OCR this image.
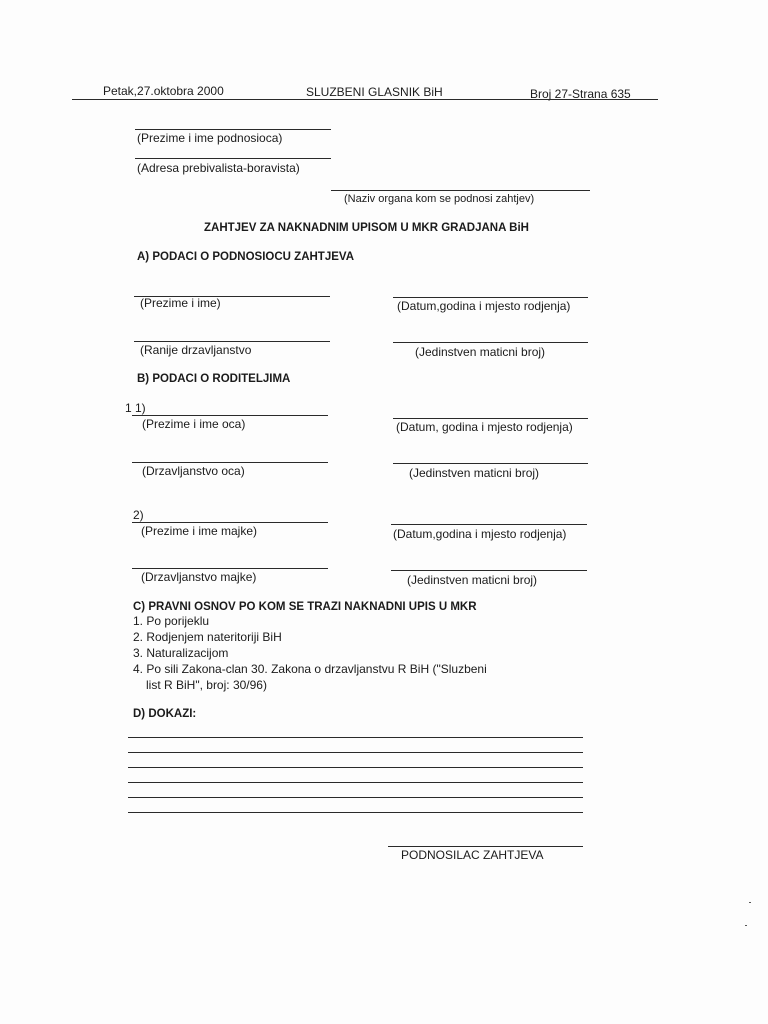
Petak,27.oktobra 2000	SLUZBENI GLASNIK BiH	Broj 27-Strana 635
(Prezime i ime podnosioca)
(Adresa prebivalista-boravista)
(Naziv organa kom se podnosi zahtjev)
ZAHTJEV ZA NAKNADNIM UPISOM U MKR GRADJANA BiH
A) PODACI O PODNOSIOCU ZAHTJEVA
(Prezime i ime)	(Datum,godina i mjesto rodjenja)
(Ranije drzavljanstvo	(Jedinstven maticni broj)
B) PODACI O RODITELJIMA
1 1)
(Prezime i ime oca)	(Datum, godina i mjesto rodjenja)
(Drzavljanstvo oca)	(Jedinstven maticni broj)
2)
(Prezime i ime majke)	(Datum,godina i mjesto rodjenja)
(Drzavljanstvo majke)	(Jedinstven maticni broj)
C) PRAVNI OSNOV PO KOM SE TRAZI NAKNADNI UPIS U MKR
1. Po porijeklu
2. Rodjenjem nateritoriji BiH
3. Naturalizacijom
4. Po sili Zakona-clan 30. Zakona o drzavljanstvu R BiH ("Sluzbeni
list R BiH", broj: 30/96)
D) DOKAZI:
PODNOSILAC ZAHTJEVA
